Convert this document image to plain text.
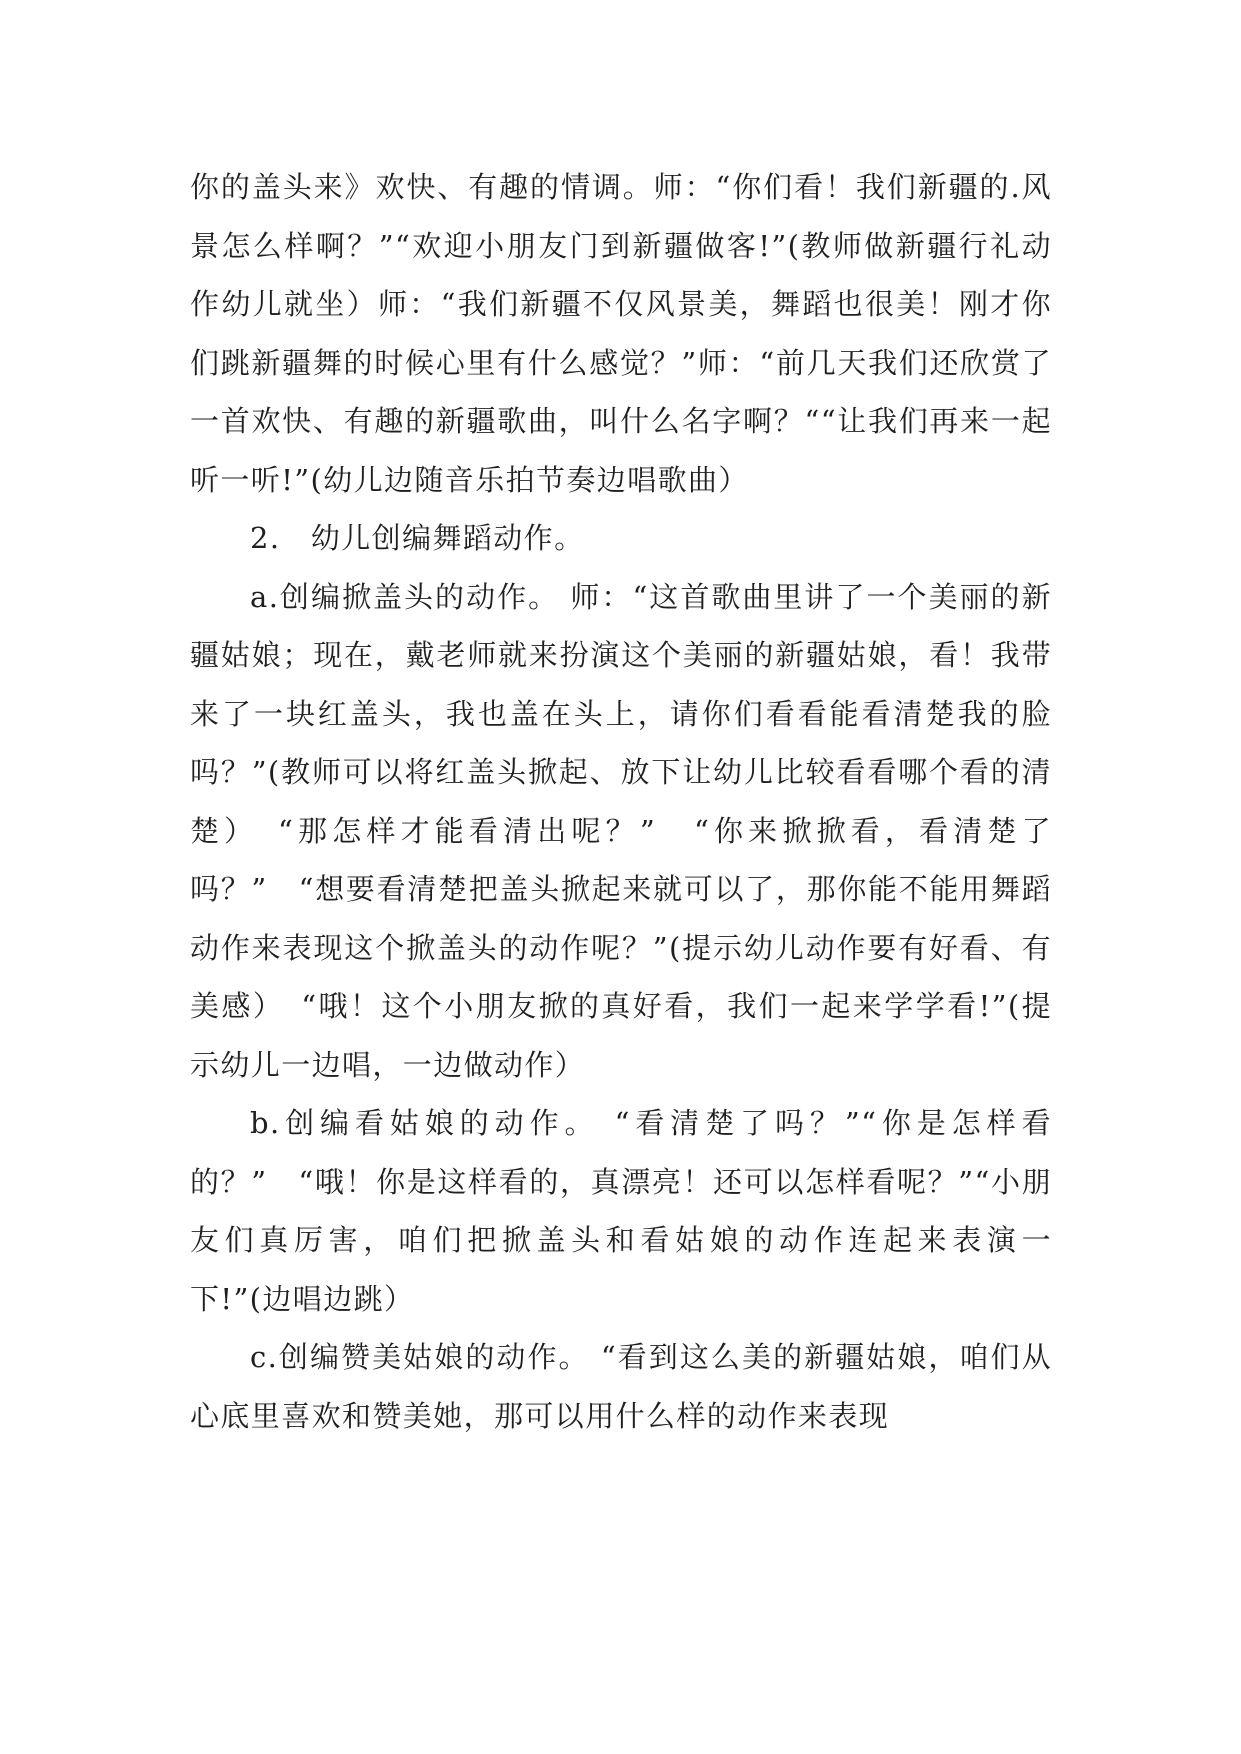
你的盖头来》欢快、有趣的情调。师：“你们看！我们新疆的.风景怎么样啊？”“欢迎小朋友门到新疆做客!”(教师做新疆行礼动作幼儿就坐）师：“我们新疆不仅风景美，舞蹈也很美！刚才你们跳新疆舞的时候心里有什么感觉？”师：“前几天我们还欣赏了一首欢快、有趣的新疆歌曲，叫什么名字啊？““让我们再来一起听一听!”(幼儿边随音乐拍节奏边唱歌曲）

2.　幼儿创编舞蹈动作。

a.创编掀盖头的动作。 师：“这首歌曲里讲了一个美丽的新疆姑娘；现在，戴老师就来扮演这个美丽的新疆姑娘，看！我带来了一块红盖头，我也盖在头上，请你们看看能看清楚我的脸吗？”(教师可以将红盖头掀起、放下让幼儿比较看看哪个看的清楚）　“那怎样才能看清出呢？”　“你来掀掀看，看清楚了吗？”　“想要看清楚把盖头掀起来就可以了，那你能不能用舞蹈动作来表现这个掀盖头的动作呢？”(提示幼儿动作要有好看、有美感）　“哦！这个小朋友掀的真好看，我们一起来学学看!”(提示幼儿一边唱，一边做动作）

b.创编看姑娘的动作。 “看清楚了吗？”“你是怎样看的？”　“哦！你是这样看的，真漂亮！还可以怎样看呢？”“小朋友们真厉害，咱们把掀盖头和看姑娘的动作连起来表演一下!”(边唱边跳）

c.创编赞美姑娘的动作。 “看到这么美的新疆姑娘，咱们从心底里喜欢和赞美她，那可以用什么样的动作来表现
